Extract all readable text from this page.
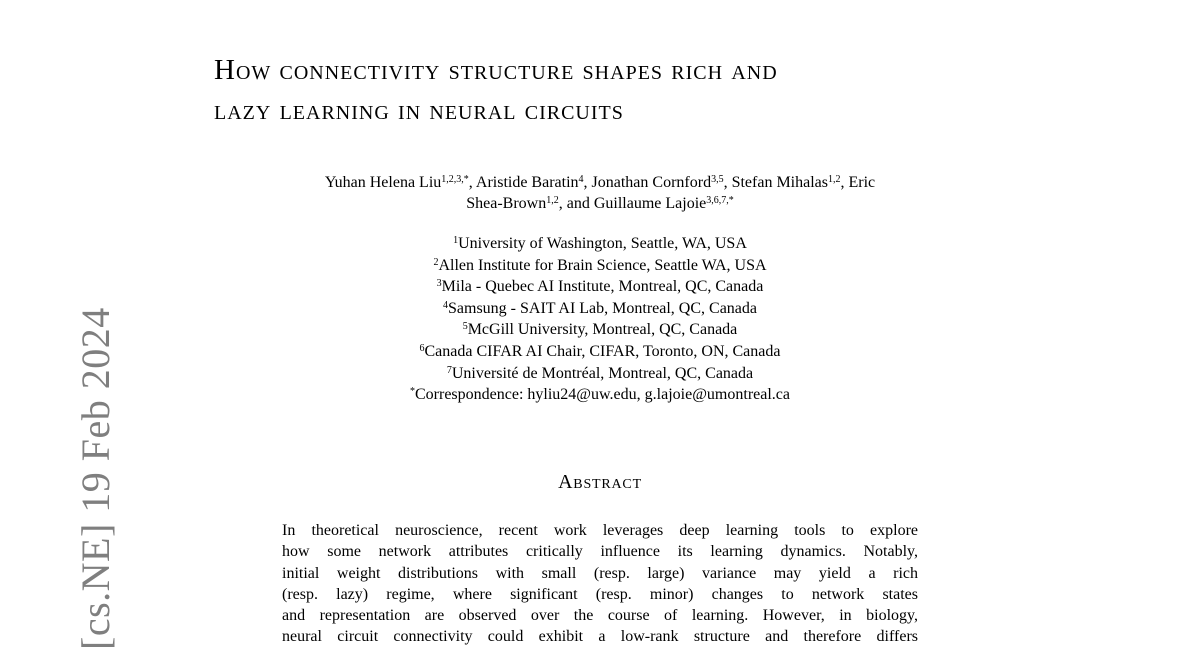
[cs.NE] 19 Feb 2024
How connectivity structure shapes rich and
lazy learning in neural circuits
Yuhan Helena Liu$^{1,2,3,*}$, Aristide Baratin$^4$, Jonathan Cornford$^{3,5}$, Stefan Mihalas$^{1,2}$, Eric
Shea-Brown$^{1,2}$, and Guillaume Lajoie$^{3,6,7,*}$
$^1$University of Washington, Seattle, WA, USA
$^2$Allen Institute for Brain Science, Seattle WA, USA
$^3$Mila - Quebec AI Institute, Montreal, QC, Canada
$^4$Samsung - SAIT AI Lab, Montreal, QC, Canada
$^5$McGill University, Montreal, QC, Canada
$^6$Canada CIFAR AI Chair, CIFAR, Toronto, ON, Canada
$^7$Université de Montréal, Montreal, QC, Canada
*Correspondence: hyliu24@uw.edu, g.lajoie@umontreal.ca
Abstract
In theoretical neuroscience, recent work leverages deep learning tools to explore
how some network attributes critically influence its learning dynamics. Notably,
initial weight distributions with small (resp. large) variance may yield a rich
(resp. lazy) regime, where significant (resp. minor) changes to network states
and representation are observed over the course of learning. However, in biology,
neural circuit connectivity could exhibit a low-rank structure and therefore differs
